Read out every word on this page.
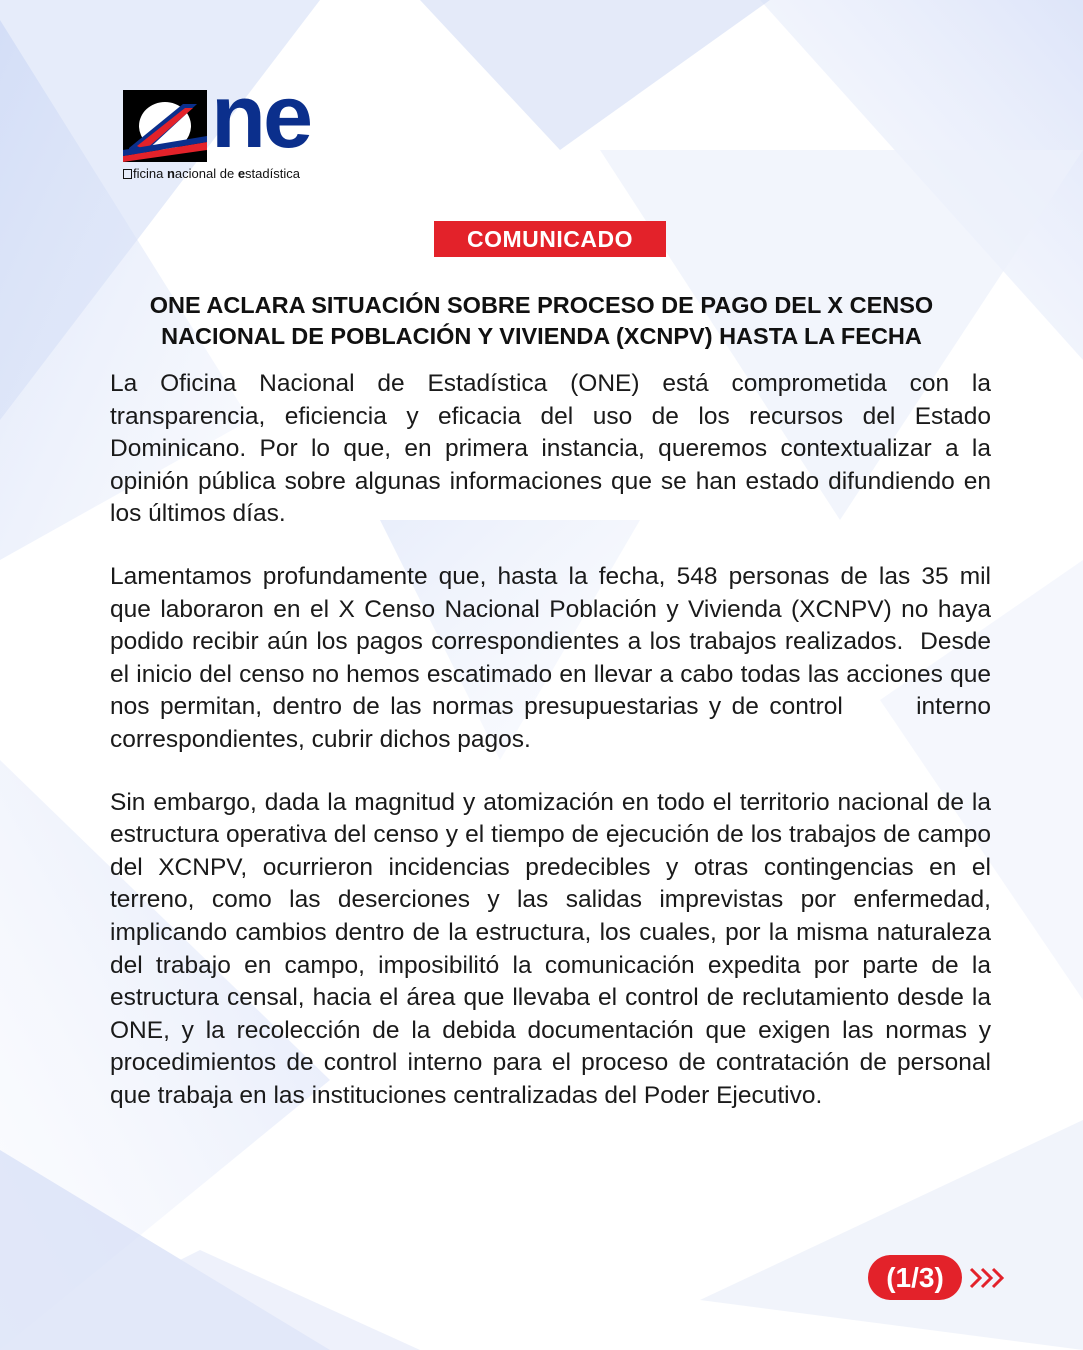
ne
ficina nacional de estadística
COMUNICADO
ONE ACLARA SITUACIÓN SOBRE PROCESO DE PAGO DEL X CENSO NACIONAL DE POBLACIÓN Y VIVIENDA (XCNPV) HASTA LA FECHA

La Oficina Nacional de Estadística (ONE) está comprometida con la transparencia, eficiencia y eficacia del uso de los recursos del Estado Dominicano. Por lo que, en primera instancia, queremos contextualizar a la opinión pública sobre algunas informaciones que se han estado difundiendo en los últimos días.

Lamentamos profundamente que, hasta la fecha, 548 personas de las 35 mil que laboraron en el X Censo Nacional Población y Vivienda (XCNPV) no haya podido recibir aún los pagos correspondientes a los trabajos realizados.  Desde el inicio del censo no hemos escatimado en llevar a cabo todas las acciones que nos permitan, dentro de las normas presupuestarias y de control       interno correspondientes, cubrir dichos pagos.

Sin embargo, dada la magnitud y atomización en todo el territorio nacional de la estructura operativa del censo y el tiempo de ejecución de los trabajos de campo del XCNPV, ocurrieron incidencias predecibles y otras contingencias en el terreno, como las deserciones y las salidas imprevistas por enfermedad, implicando cambios dentro de la estructura, los cuales, por la misma naturaleza del trabajo en campo, imposibilitó la comunicación expedita por parte de la estructura censal, hacia el área que llevaba el control de reclutamiento desde la ONE, y la recolección de la debida documentación que exigen las normas y procedimientos de control interno para el proceso de contratación de personal que trabaja en las instituciones centralizadas del Poder Ejecutivo.

(1/3)
